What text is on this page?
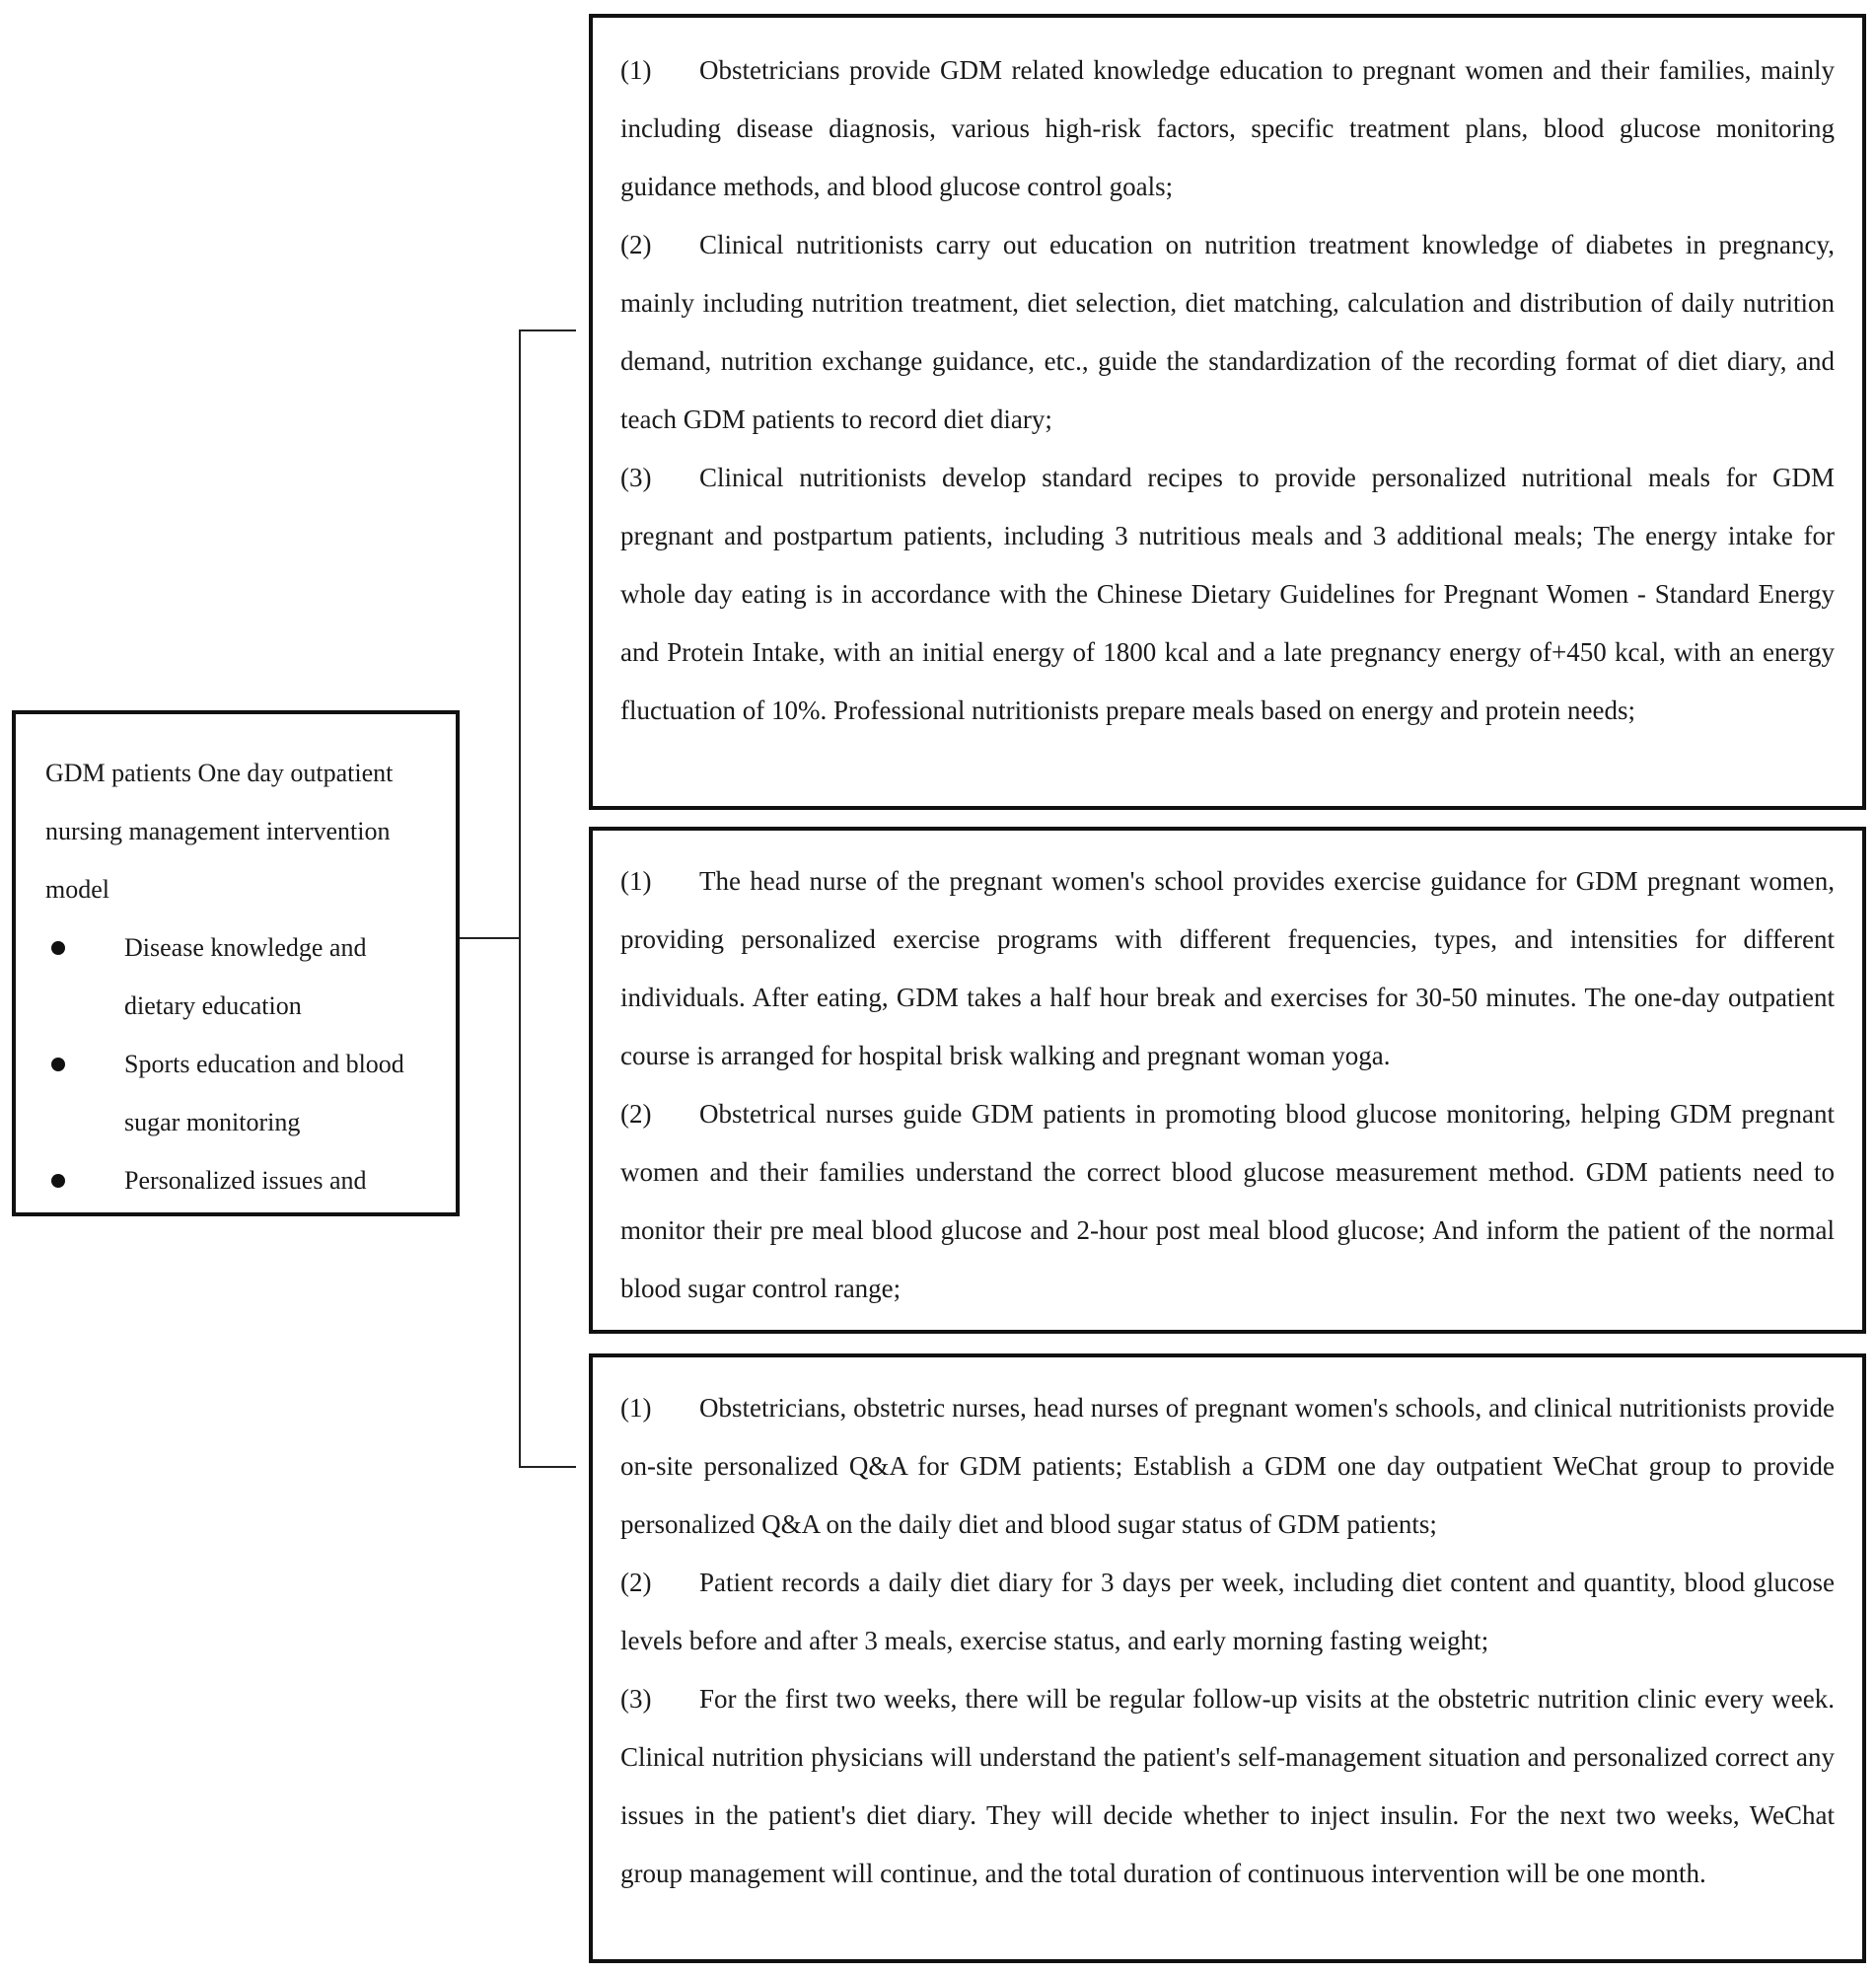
GDM patients One day outpatient nursing management intervention model

Disease knowledge and dietary education
Sports education and blood sugar monitoring
Personalized issues and

(1) Obstetricians provide GDM related knowledge education to pregnant women and their families, mainly including disease diagnosis, various high-risk factors, specific treatment plans, blood glucose monitoring guidance methods, and blood glucose control goals;

(2) Clinical nutritionists carry out education on nutrition treatment knowledge of diabetes in pregnancy, mainly including nutrition treatment, diet selection, diet matching, calculation and distribution of daily nutrition demand, nutrition exchange guidance, etc., guide the standardization of the recording format of diet diary, and teach GDM patients to record diet diary;

(3) Clinical nutritionists develop standard recipes to provide personalized nutritional meals for GDM pregnant and postpartum patients, including 3 nutritious meals and 3 additional meals; The energy intake for whole day eating is in accordance with the Chinese Dietary Guidelines for Pregnant Women - Standard Energy and Protein Intake, with an initial energy of 1800 kcal and a late pregnancy energy of+450 kcal, with an energy fluctuation of 10%. Professional nutritionists prepare meals based on energy and protein needs;

(1) The head nurse of the pregnant women's school provides exercise guidance for GDM pregnant women, providing personalized exercise programs with different frequencies, types, and intensities for different individuals. After eating, GDM takes a half hour break and exercises for 30-50 minutes. The one-day outpatient course is arranged for hospital brisk walking and pregnant woman yoga.

(2) Obstetrical nurses guide GDM patients in promoting blood glucose monitoring, helping GDM pregnant women and their families understand the correct blood glucose measurement method. GDM patients need to monitor their pre meal blood glucose and 2-hour post meal blood glucose; And inform the patient of the normal blood sugar control range;

(1) Obstetricians, obstetric nurses, head nurses of pregnant women's schools, and clinical nutritionists provide on-site personalized Q&A for GDM patients; Establish a GDM one day outpatient WeChat group to provide personalized Q&A on the daily diet and blood sugar status of GDM patients;

(2) Patient records a daily diet diary for 3 days per week, including diet content and quantity, blood glucose levels before and after 3 meals, exercise status, and early morning fasting weight;

(3) For the first two weeks, there will be regular follow-up visits at the obstetric nutrition clinic every week. Clinical nutrition physicians will understand the patient's self-management situation and personalized correct any issues in the patient's diet diary. They will decide whether to inject insulin. For the next two weeks, WeChat group management will continue, and the total duration of continuous intervention will be one month.
